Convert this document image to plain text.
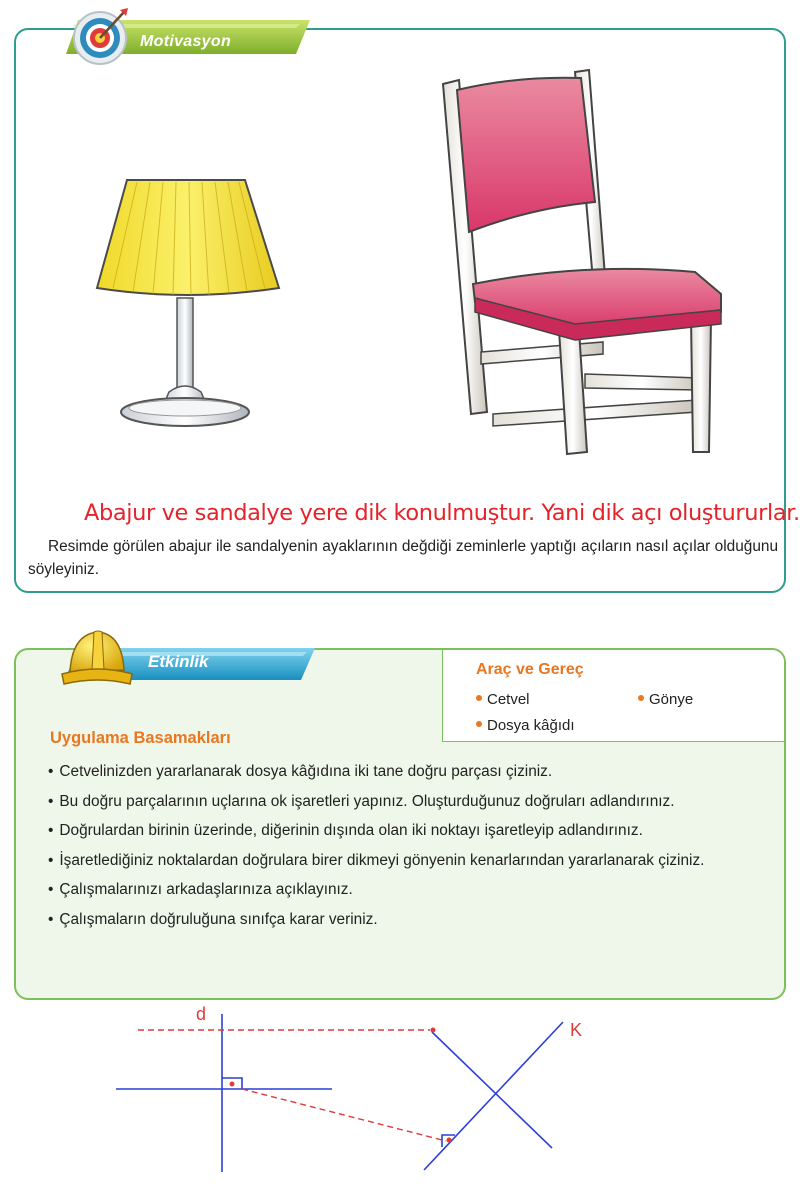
Motivasyon
Abajur ve sandalye yere dik konulmuştur. Yani dik açı oluştururlar.
Resimde görülen abajur ile sandalyenin ayaklarının değdiği zeminlerle yaptığı açıların nasıl açılar olduğunu söyleyiniz.
Etkinlik	Araç ve Gereç
Cetvel	Gönye
Dosya kâğıdı
Uygulama Basamakları
• Cetvelinizden yararlanarak dosya kâğıdına iki tane doğru parçası çiziniz.
• Bu doğru parçalarının uçlarına ok işaretleri yapınız. Oluşturduğunuz doğruları adlandırınız.
• Doğrulardan birinin üzerinde, diğerinin dışında olan iki noktayı işaretleyip adlandırınız.
• İşaretlediğiniz noktalardan doğrulara birer dikmeyi gönyenin kenarlarından yararlanarak çiziniz.
• Çalışmalarınızı arkadaşlarınıza açıklayınız.
• Çalışmaların doğruluğuna sınıfça karar veriniz.
d
K
